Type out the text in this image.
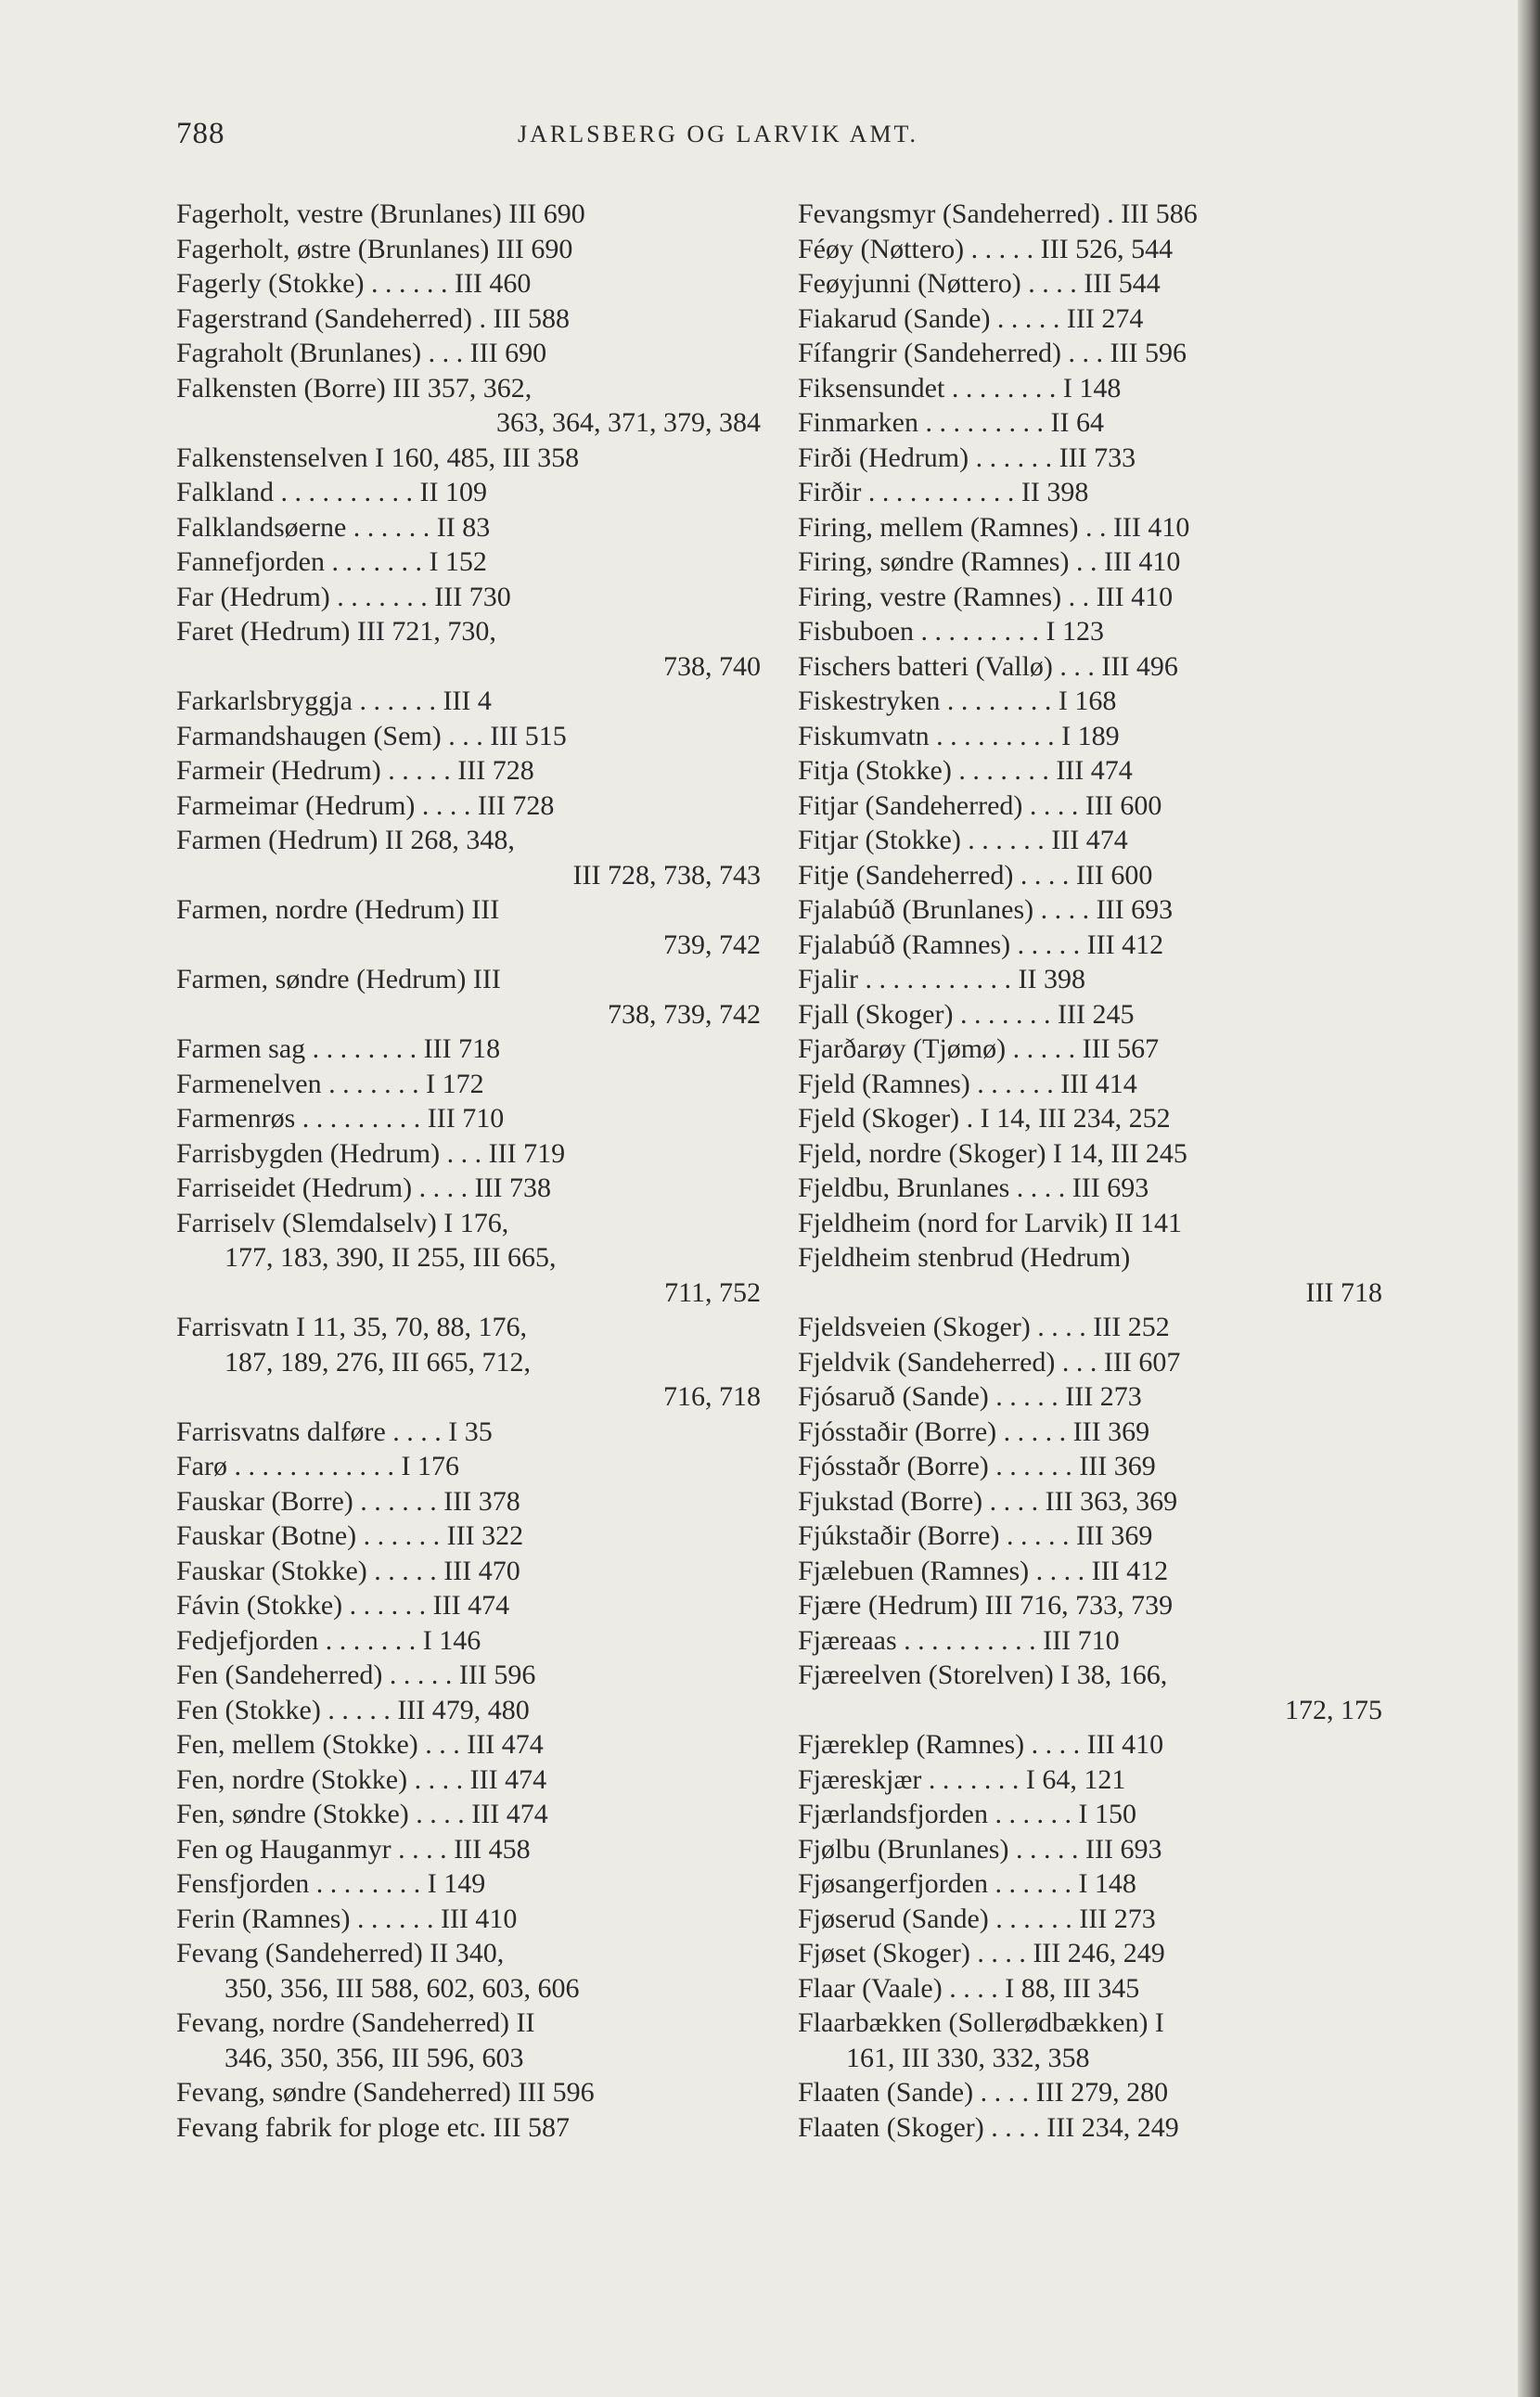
788	JARLSBERG OG LARVIK AMT.
Fagerholt, vestre (Brunlanes) III 690
Fagerholt, østre (Brunlanes) III 690
Fagerly (Stokke) . . . . . . III 460
Fagerstrand (Sandeherred) . III 588
Fagraholt (Brunlanes) . . . III 690
Falkensten (Borre) III 357, 362,
363, 364, 371, 379, 384
Falkenstenselven I 160, 485, III 358
Falkland . . . . . . . . . . II 109
Falklandsøerne . . . . . . II 83
Fannefjorden . . . . . . . I 152
Far (Hedrum) . . . . . . . III 730
Faret (Hedrum) III 721, 730,
738, 740
Farkarlsbryggja . . . . . . III 4
Farmandshaugen (Sem) . . . III 515
Farmeir (Hedrum) . . . . . III 728
Farmeimar (Hedrum) . . . . III 728
Farmen (Hedrum) II 268, 348,
III 728, 738, 743
Farmen, nordre (Hedrum) III
739, 742
Farmen, søndre (Hedrum) III
738, 739, 742
Farmen sag . . . . . . . . III 718
Farmenelven . . . . . . . I 172
Farmenrøs . . . . . . . . . III 710
Farrisbygden (Hedrum) . . . III 719
Farriseidet (Hedrum) . . . . III 738
Farriselv (Slemdalselv) I 176,
177, 183, 390, II 255, III 665,
711, 752
Farrisvatn I 11, 35, 70, 88, 176,
187, 189, 276, III 665, 712,
716, 718
Farrisvatns dalføre . . . . I 35
Farø . . . . . . . . . . . . I 176
Fauskar (Borre) . . . . . . III 378
Fauskar (Botne) . . . . . . III 322
Fauskar (Stokke) . . . . . III 470
Fávin (Stokke) . . . . . . III 474
Fedjefjorden . . . . . . . I 146
Fen (Sandeherred) . . . . . III 596
Fen (Stokke) . . . . . III 479, 480
Fen, mellem (Stokke) . . . III 474
Fen, nordre (Stokke) . . . . III 474
Fen, søndre (Stokke) . . . . III 474
Fen og Hauganmyr . . . . III 458
Fensfjorden . . . . . . . . I 149
Ferin (Ramnes) . . . . . . III 410
Fevang (Sandeherred) II 340,
350, 356, III 588, 602, 603, 606
Fevang, nordre (Sandeherred) II
346, 350, 356, III 596, 603
Fevang, søndre (Sandeherred) III 596
Fevang fabrik for ploge etc. III 587
Fevangsmyr (Sandeherred) . III 586
Féøy (Nøttero) . . . . . III 526, 544
Feøyjunni (Nøttero) . . . . III 544
Fiakarud (Sande) . . . . . III 274
Fífangrir (Sandeherred) . . . III 596
Fiksensundet . . . . . . . . I 148
Finmarken . . . . . . . . . II 64
Firði (Hedrum) . . . . . . III 733
Firðir . . . . . . . . . . . II 398
Firing, mellem (Ramnes) . . III 410
Firing, søndre (Ramnes) . . III 410
Firing, vestre (Ramnes) . . III 410
Fisbuboen . . . . . . . . . I 123
Fischers batteri (Vallø) . . . III 496
Fiskestryken . . . . . . . . I 168
Fiskumvatn . . . . . . . . . I 189
Fitja (Stokke) . . . . . . . III 474
Fitjar (Sandeherred) . . . . III 600
Fitjar (Stokke) . . . . . . III 474
Fitje (Sandeherred) . . . . III 600
Fjalabúð (Brunlanes) . . . . III 693
Fjalabúð (Ramnes) . . . . . III 412
Fjalir . . . . . . . . . . . II 398
Fjall (Skoger) . . . . . . . III 245
Fjarðarøy (Tjømø) . . . . . III 567
Fjeld (Ramnes) . . . . . . III 414
Fjeld (Skoger) . I 14, III 234, 252
Fjeld, nordre (Skoger) I 14, III 245
Fjeldbu, Brunlanes . . . . III 693
Fjeldheim (nord for Larvik) II 141
Fjeldheim stenbrud (Hedrum)
III 718
Fjeldsveien (Skoger) . . . . III 252
Fjeldvik (Sandeherred) . . . III 607
Fjósaruð (Sande) . . . . . III 273
Fjósstaðir (Borre) . . . . . III 369
Fjósstaðr (Borre) . . . . . . III 369
Fjukstad (Borre) . . . . III 363, 369
Fjúkstaðir (Borre) . . . . . III 369
Fjælebuen (Ramnes) . . . . III 412
Fjære (Hedrum) III 716, 733, 739
Fjæreaas . . . . . . . . . . III 710
Fjæreelven (Storelven) I 38, 166,
172, 175
Fjæreklep (Ramnes) . . . . III 410
Fjæreskjær . . . . . . . I 64, 121
Fjærlandsfjorden . . . . . . I 150
Fjølbu (Brunlanes) . . . . . III 693
Fjøsangerfjorden . . . . . . I 148
Fjøserud (Sande) . . . . . . III 273
Fjøset (Skoger) . . . . III 246, 249
Flaar (Vaale) . . . . I 88, III 345
Flaarbækken (Sollerødbækken) I
161, III 330, 332, 358
Flaaten (Sande) . . . . III 279, 280
Flaaten (Skoger) . . . . III 234, 249
